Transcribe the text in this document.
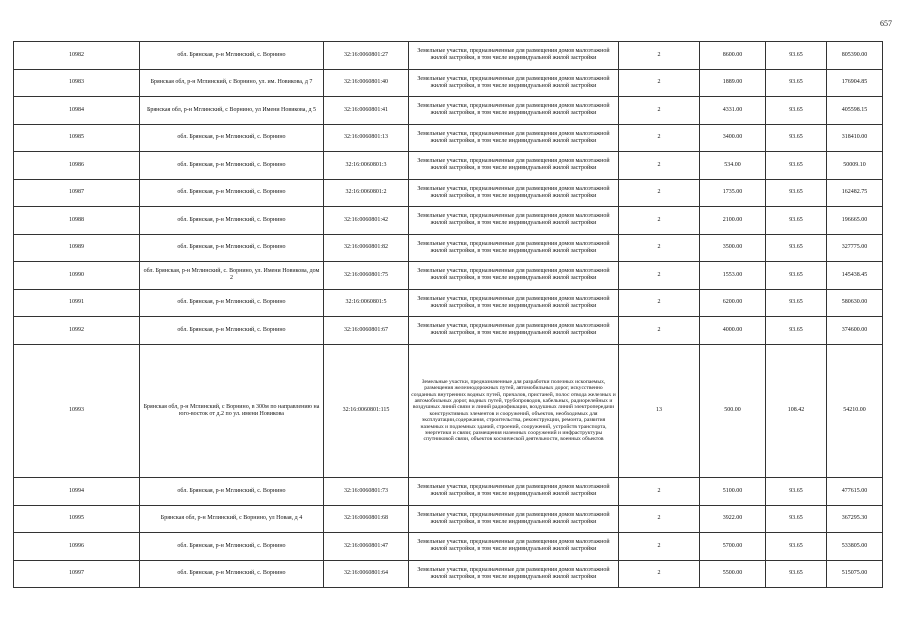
657
10982	обл. Брянская, р-н Мглинский, с. Ворнино	32:16:0060801:27	Земельные участки, предназначенные для размещения домов малоэтажной жилой застройки, в том числе индивидуальной жилой застройки	2	8600.00	93.65	805390.00
10983	Брянская обл, р-н Мглинский, с Ворнино, ул. им. Новикова, д 7	32:16:0060801:40	Земельные участки, предназначенные для размещения домов малоэтажной жилой застройки, в том числе индивидуальной жилой застройки	2	1889.00	93.65	176904.85
10984	Брянская обл, р-н Мглинский, с Ворнино, ул Имени Новикова, д 5	32:16:0060801:41	Земельные участки, предназначенные для размещения домов малоэтажной жилой застройки, в том числе индивидуальной жилой застройки	2	4331.00	93.65	405598.15
10985	обл. Брянская, р-н Мглинский, с. Ворнино	32:16:0060801:13	Земельные участки, предназначенные для размещения домов малоэтажной жилой застройки, в том числе индивидуальной жилой застройки	2	3400.00	93.65	318410.00
10986	обл. Брянская, р-н Мглинский, с. Ворнино	32:16:0060801:3	Земельные участки, предназначенные для размещения домов малоэтажной жилой застройки, в том числе индивидуальной жилой застройки	2	534.00	93.65	50009.10
10987	обл. Брянская, р-н Мглинский, с. Ворнино	32:16:0060801:2	Земельные участки, предназначенные для размещения домов малоэтажной жилой застройки, в том числе индивидуальной жилой застройки	2	1735.00	93.65	162482.75
10988	обл. Брянская, р-н Мглинский, с. Ворнино	32:16:0060801:42	Земельные участки, предназначенные для размещения домов малоэтажной жилой застройки, в том числе индивидуальной жилой застройки	2	2100.00	93.65	196665.00
10989	обл. Брянская, р-н Мглинский, с. Ворнино	32:16:0060801:82	Земельные участки, предназначенные для размещения домов малоэтажной жилой застройки, в том числе индивидуальной жилой застройки	2	3500.00	93.65	327775.00
10990	обл. Брянская, р-н Мглинский, с. Ворнино, ул. Имени Новикова, дом 2	32:16:0060801:75	Земельные участки, предназначенные для размещения домов малоэтажной жилой застройки, в том числе индивидуальной жилой застройки	2	1553.00	93.65	145438.45
10991	обл. Брянская, р-н Мглинский, с. Ворнино	32:16:0060801:5	Земельные участки, предназначенные для размещения домов малоэтажной жилой застройки, в том числе индивидуальной жилой застройки	2	6200.00	93.65	580630.00
10992	обл. Брянская, р-н Мглинский, с. Ворнино	32:16:0060801:67	Земельные участки, предназначенные для размещения домов малоэтажной жилой застройки, в том числе индивидуальной жилой застройки	2	4000.00	93.65	374600.00
10993	Брянская обл, р-н Мглинский, с Ворнино, в 300м по направлению на юго-восток от д.2 по ул. имени Новикова	32:16:0060801:115	Земельные участки, предназначенные для разработки полезных ископаемых, размещения железнодорожных путей, автомобильных дорог, искусственно созданных внутренних водных путей, причалов, пристаней, полос отвода железных и автомобильных дорог, водных путей, трубопроводов, кабельных, радиорелейных и воздушных линий связи и линий радиофикации, воздушных линий электропередачи конструктивных элементов и сооружений, объектов, необходимых для эксплуатации,содержания, строительства, реконструкции, ремонта, развития наземных и подземных зданий, строений, сооружений, устройств транспорта, энергетики и связи; размещения наземных сооружений и инфраструктуры спутниковой связи, объектов космической деятельности, военных объектов	13	500.00	108.42	54210.00
10994	обл. Брянская, р-н Мглинский, с. Ворнино	32:16:0060801:73	Земельные участки, предназначенные для размещения домов малоэтажной жилой застройки, в том числе индивидуальной жилой застройки	2	5100.00	93.65	477615.00
10995	Брянская обл, р-н Мглинский, с Ворнино, ул Новая, д 4	32:16:0060801:68	Земельные участки, предназначенные для размещения домов малоэтажной жилой застройки, в том числе индивидуальной жилой застройки	2	3922.00	93.65	367295.30
10996	обл. Брянская, р-н Мглинский, с. Ворнино	32:16:0060801:47	Земельные участки, предназначенные для размещения домов малоэтажной жилой застройки, в том числе индивидуальной жилой застройки	2	5700.00	93.65	533805.00
10997	обл. Брянская, р-н Мглинский, с. Ворнино	32:16:0060801:64	Земельные участки, предназначенные для размещения домов малоэтажной жилой застройки, в том числе индивидуальной жилой застройки	2	5500.00	93.65	515075.00
